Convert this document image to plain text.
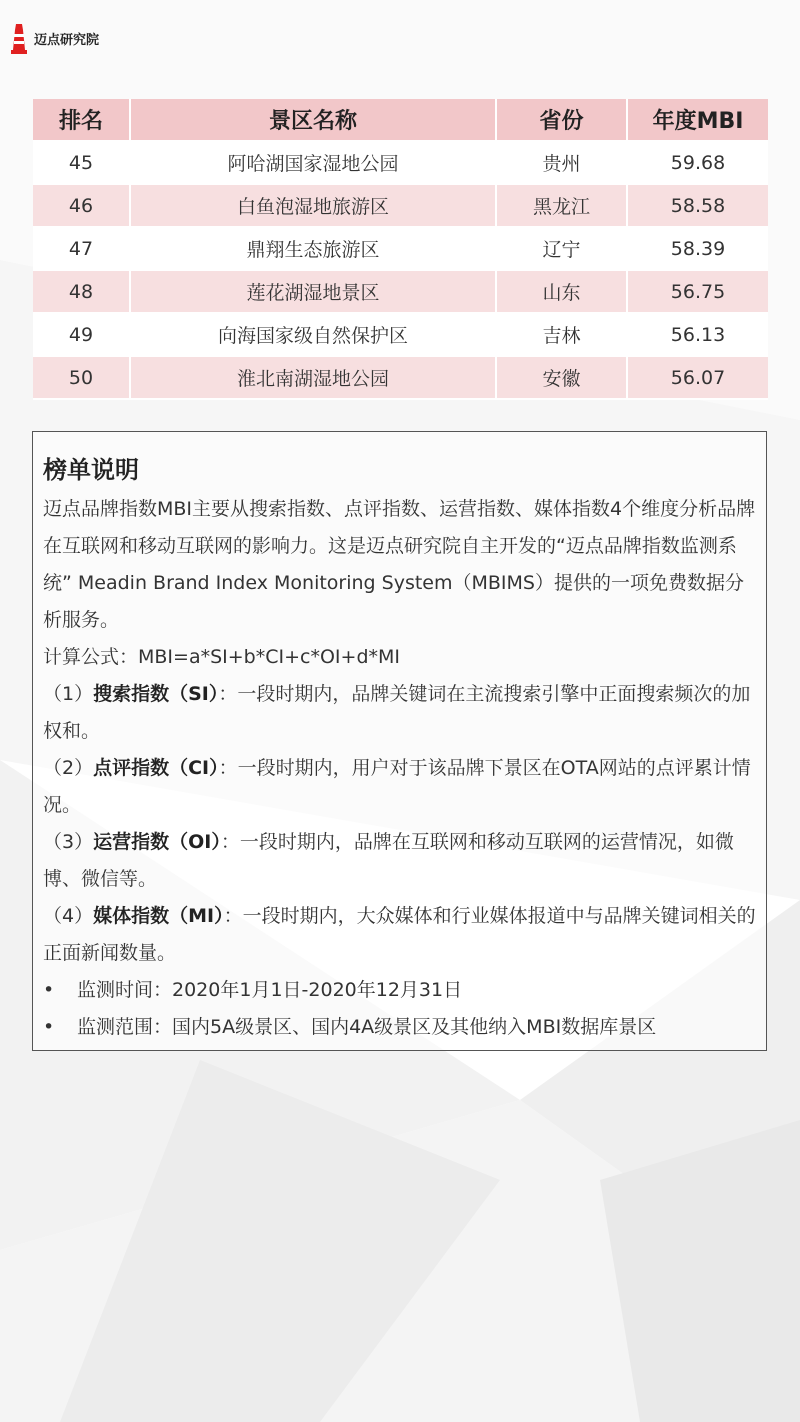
迈点研究院
排名	景区名称	省份	年度MBI
45	阿哈湖国家湿地公园	贵州	59.68
46	白鱼泡湿地旅游区	黑龙江	58.58
47	鼎翔生态旅游区	辽宁	58.39
48	莲花湖湿地景区	山东	56.75
49	向海国家级自然保护区	吉林	56.13
50	淮北南湖湿地公园	安徽	56.07
榜单说明

迈点品牌指数MBI主要从搜索指数、点评指数、运营指数、媒体指数4个维度分析品牌在互联网和移动互联网的影响力。这是迈点研究院自主开发的“迈点品牌指数监测系统” Meadin Brand Index Monitoring System（MBIMS）提供的一项免费数据分析服务。

计算公式：MBI=a*SI+b*CI+c*OI+d*MI

（1）搜索指数（SI）：一段时期内，品牌关键词在主流搜索引擎中正面搜索频次的加权和。

（2）点评指数（CI）：一段时期内，用户对于该品牌下景区在OTA网站的点评累计情况。

（3）运营指数（OI）：一段时期内，品牌在互联网和移动互联网的运营情况，如微博、微信等。

（4）媒体指数（MI）：一段时期内，大众媒体和行业媒体报道中与品牌关键词相关的正面新闻数量。

•	监测时间：2020年1月1日-2020年12月31日
•	监测范围：国内5A级景区、国内4A级景区及其他纳入MBI数据库景区
